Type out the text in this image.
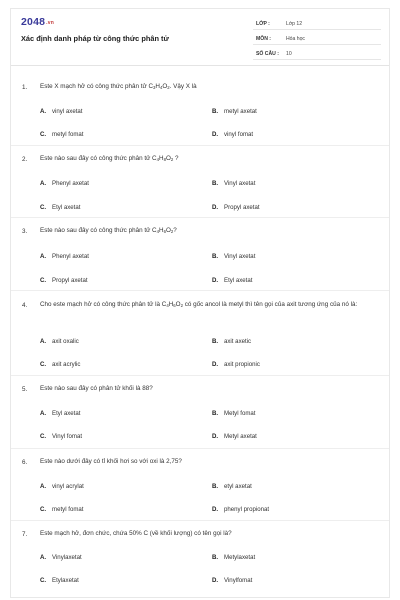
2048.vn
Xác định danh pháp từ công thức phân tử
LỚP :	Lớp 12
MÔN :	Hóa học
SỐ CÂU : 10
1. Este X mạch hở có công thức phân tử $C_3H_4O_2$. Vậy X là
A. vinyl axetat	B. metyl axetat
C. metyl fomat	D. vinyl fomat
2. Este nào sau đây có công thức phân tử $C_4H_8O_2$ ?
A. Phenyl axetat	B. Vinyl axetat
C. Etyl axetat	D. Propyl axetat
3. Este nào sau đây có công thức phân tử $C_4H_6O_2$?
A. Phenyl axetat	B. Vinyl axetat
C. Propyl axetat	D. Etyl axetat
4. Cho este mạch hở có công thức phân tử là $C_4H_6O_2$ có gốc ancol là metyl thì tên gọi của axit tương ứng của nó là:
A. axit oxalic	B. axit axetic
C. axit acrylic	D. axit propionic
5. Este nào sau đây có phân tử khối là 88?
A. Etyl axetat	B. Metyl fomat
C. Vinyl fomat	D. Metyl axetat
6. Este nào dưới đây có tỉ khối hơi so với oxi là 2,75?
A. vinyl acrylat	B. etyl axetat
C. metyl fomat	D. phenyl propionat
7. Este mạch hở, đơn chức, chứa 50% C (về khối lượng) có tên gọi là?
A. Vinylaxetat	B. Metylaxetat
C. Etylaxetat	D. Vinylfomat
